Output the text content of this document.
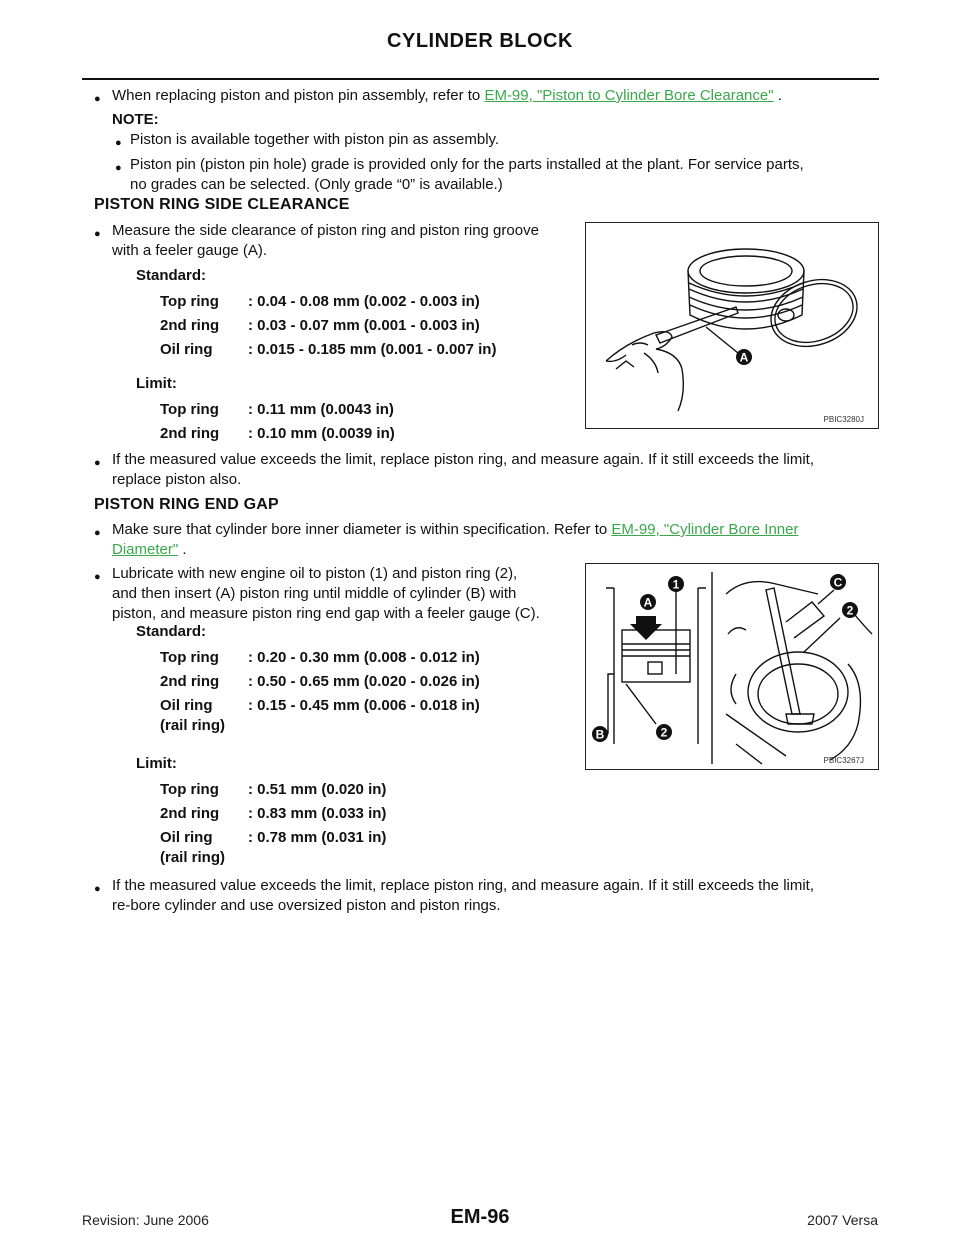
CYLINDER BLOCK
● When replacing piston and piston pin assembly, refer to EM-99, "Piston to Cylinder Bore Clearance" .
NOTE:
● Piston is available together with piston pin as assembly.
● Piston pin (piston pin hole) grade is provided only for the parts installed at the plant. For service parts,
no grades can be selected. (Only grade “0” is available.)
PISTON RING SIDE CLEARANCE
● Measure the side clearance of piston ring and piston ring groove
with a feeler gauge (A).
Standard:
Top ring : 0.04 - 0.08 mm (0.002 - 0.003 in)
2nd ring : 0.03 - 0.07 mm (0.001 - 0.003 in)
Oil ring : 0.015 - 0.185 mm (0.001 - 0.007 in)
Limit:
Top ring : 0.11 mm (0.0043 in)
2nd ring : 0.10 mm (0.0039 in)
A
PBIC3280J
● If the measured value exceeds the limit, replace piston ring, and measure again. If it still exceeds the limit,
replace piston also.
PISTON RING END GAP
● Make sure that cylinder bore inner diameter is within specification. Refer to EM-99, "Cylinder Bore Inner
Diameter" .
● Lubricate with new engine oil to piston (1) and piston ring (2),
and then insert (A) piston ring until middle of cylinder (B) with
piston, and measure piston ring end gap with a feeler gauge (C).
Standard:
Top ring : 0.20 - 0.30 mm (0.008 - 0.012 in)
2nd ring : 0.50 - 0.65 mm (0.020 - 0.026 in)
Oil ring
(rail ring)
: 0.15 - 0.45 mm (0.006 - 0.018 in)
Limit:
Top ring : 0.51 mm (0.020 in)
2nd ring : 0.83 mm (0.033 in)
Oil ring
(rail ring)
: 0.78 mm (0.031 in)
A
1
2
B
C
2
PBIC3267J
● If the measured value exceeds the limit, replace piston ring, and measure again. If it still exceeds the limit,
re-bore cylinder and use oversized piston and piston rings.
Revision: June 2006	EM-96	2007 Versa
